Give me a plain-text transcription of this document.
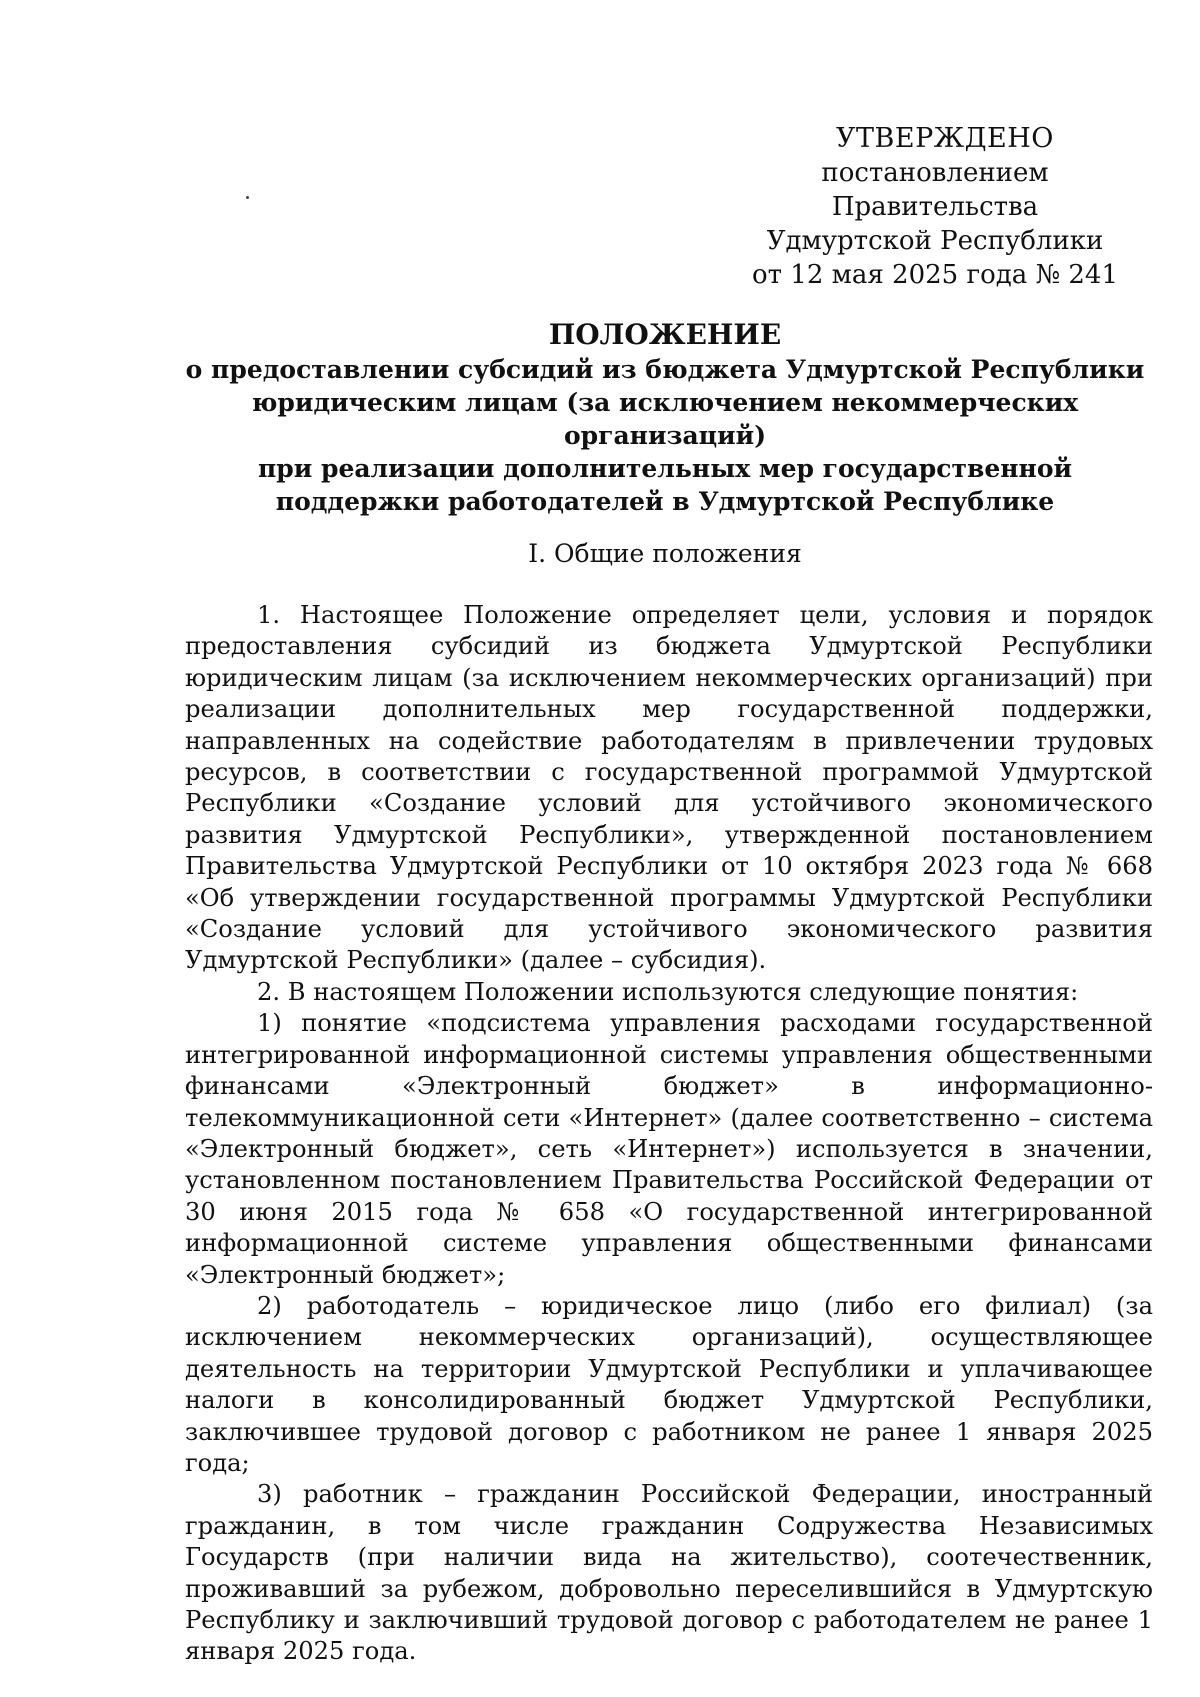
УТВЕРЖДЕНО
постановлением Правительства
Удмуртской Республики
от 12 мая 2025 года № 241
ПОЛОЖЕНИЕ
о предоставлении субсидий из бюджета Удмуртской Республики
юридическим лицам (за исключением некоммерческих организаций)
при реализации дополнительных мер государственной
поддержки работодателей в Удмуртской Республике
I. Общие положения

1. Настоящее Положение определяет цели, условия и порядок предоставления субсидий из бюджета Удмуртской Республики юридическим лицам (за исключением некоммерческих организаций) при реализации дополнительных мер государственной поддержки, направленных на содействие работодателям в привлечении трудовых ресурсов, в соответствии с государственной программой Удмуртской Республики «Создание условий для устойчивого экономического развития Удмуртской Республики», утвержденной постановлением Правительства Удмуртской Республики от 10 октября 2023 года № 668 «Об утверждении государственной программы Удмуртской Республики «Создание условий для устойчивого экономического развития Удмуртской Республики» (далее – субсидия).

2. В настоящем Положении используются следующие понятия:

1) понятие «подсистема управления расходами государственной интегрированной информационной системы управления общественными финансами «Электронный бюджет» в информационно-телекоммуникационной сети «Интернет» (далее соответственно – система «Электронный бюджет», сеть «Интернет») используется в значении, установленном постановлением Правительства Российской Федерации от 30 июня 2015 года № 658 «О государственной интегрированной информационной системе управления общественными финансами «Электронный бюджет»;

2) работодатель – юридическое лицо (либо его филиал) (за исключением некоммерческих организаций), осуществляющее деятельность на территории Удмуртской Республики и уплачивающее налоги в консолидированный бюджет Удмуртской Республики, заключившее трудовой договор с работником не ранее 1 января 2025 года;

3) работник – гражданин Российской Федерации, иностранный гражданин, в том числе гражданин Содружества Независимых Государств (при наличии вида на жительство), соотечественник, проживавший за рубежом, добровольно переселившийся в Удмуртскую Республику и заключивший трудовой договор с работодателем не ранее 1 января 2025 года.
